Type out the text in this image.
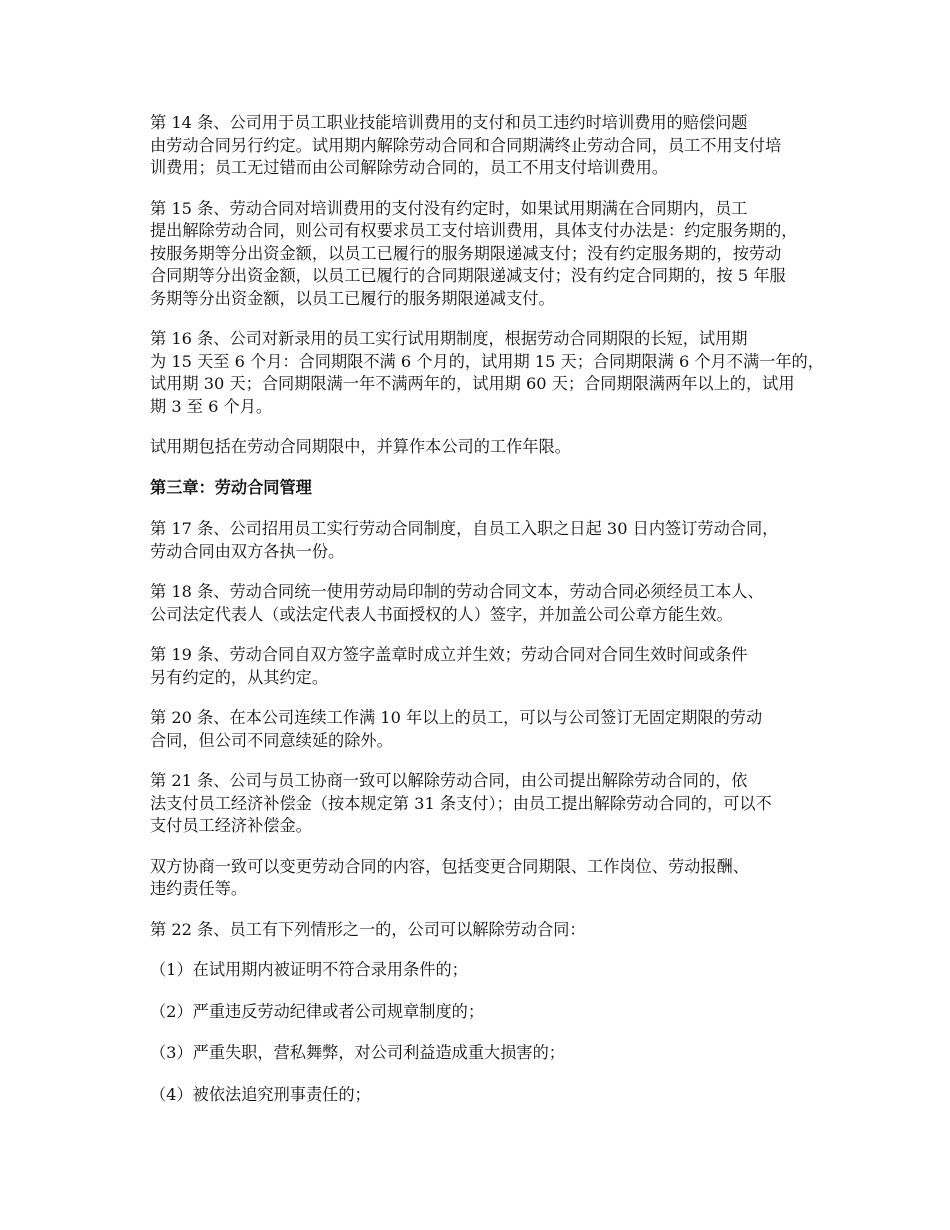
第 14 条、公司用于员工职业技能培训费用的支付和员工违约时培训费用的赔偿问题
由劳动合同另行约定。试用期内解除劳动合同和合同期满终止劳动合同，员工不用支付培
训费用；员工无过错而由公司解除劳动合同的，员工不用支付培训费用。
第 15 条、劳动合同对培训费用的支付没有约定时，如果试用期满在合同期内，员工
提出解除劳动合同，则公司有权要求员工支付培训费用，具体支付办法是：约定服务期的，
按服务期等分出资金额，以员工已履行的服务期限递减支付；没有约定服务期的，按劳动
合同期等分出资金额，以员工已履行的合同期限递减支付；没有约定合同期的，按 5 年服
务期等分出资金额，以员工已履行的服务期限递减支付。
第 16 条、公司对新录用的员工实行试用期制度，根据劳动合同期限的长短，试用期
为 15 天至 6 个月：合同期限不满 6 个月的，试用期 15 天；合同期限满 6 个月不满一年的，
试用期 30 天；合同期限满一年不满两年的，试用期 60 天；合同期限满两年以上的，试用
期 3 至 6 个月。
试用期包括在劳动合同期限中，并算作本公司的工作年限。
第三章：劳动合同管理
第 17 条、公司招用员工实行劳动合同制度，自员工入职之日起 30 日内签订劳动合同，
劳动合同由双方各执一份。
第 18 条、劳动合同统一使用劳动局印制的劳动合同文本，劳动合同必须经员工本人、
公司法定代表人（或法定代表人书面授权的人）签字，并加盖公司公章方能生效。
第 19 条、劳动合同自双方签字盖章时成立并生效；劳动合同对合同生效时间或条件
另有约定的，从其约定。
第 20 条、在本公司连续工作满 10 年以上的员工，可以与公司签订无固定期限的劳动
合同，但公司不同意续延的除外。
第 21 条、公司与员工协商一致可以解除劳动合同，由公司提出解除劳动合同的，依
法支付员工经济补偿金（按本规定第 31 条支付）；由员工提出解除劳动合同的，可以不
支付员工经济补偿金。
双方协商一致可以变更劳动合同的内容，包括变更合同期限、工作岗位、劳动报酬、
违约责任等。
第 22 条、员工有下列情形之一的，公司可以解除劳动合同：
（1）在试用期内被证明不符合录用条件的；
（2）严重违反劳动纪律或者公司规章制度的；
（3）严重失职，营私舞弊，对公司利益造成重大损害的；
（4）被依法追究刑事责任的；
